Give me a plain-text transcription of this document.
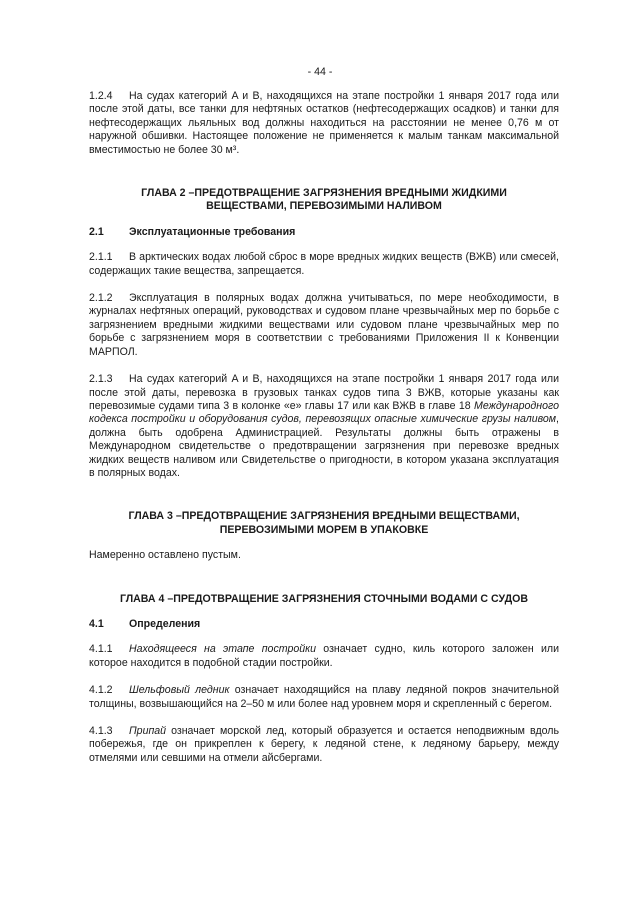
- 44 -

1.2.4 На судах категорий A и B, находящихся на этапе постройки 1 января 2017 года или после этой даты, все танки для нефтяных остатков (нефтесодержащих осадков) и танки для нефтесодержащих льяльных вод должны находиться на расстоянии не менее 0,76 м от наружной обшивки. Настоящее положение не применяется к малым танкам максимальной вместимостью не более 30 м³.

ГЛАВА 2 –ПРЕДОТВРАЩЕНИЕ ЗАГРЯЗНЕНИЯ ВРЕДНЫМИ ЖИДКИМИ
ВЕЩЕСТВАМИ, ПЕРЕВОЗИМЫМИ НАЛИВОМ
2.1 Эксплуатационные требования

2.1.1 В арктических водах любой сброс в море вредных жидких веществ (ВЖВ) или смесей, содержащих такие вещества, запрещается.

2.1.2 Эксплуатация в полярных водах должна учитываться, по мере необходимости, в журналах нефтяных операций, руководствах и судовом плане чрезвычайных мер по борьбе с загрязнением вредными жидкими веществами или судовом плане чрезвычайных мер по борьбе с загрязнением моря в соответствии с требованиями Приложения II к Конвенции МАРПОЛ.

2.1.3 На судах категорий A и B, находящихся на этапе постройки 1 января 2017 года или после этой даты, перевозка в грузовых танках судов типа 3 ВЖВ, которые указаны как перевозимые судами типа 3 в колонке «e» главы 17 или как ВЖВ в главе 18 Международного кодекса постройки и оборудования судов, перевозящих опасные химические грузы наливом, должна быть одобрена Администрацией. Результаты должны быть отражены в Международном свидетельстве о предотвращении загрязнения при перевозке вредных жидких веществ наливом или Свидетельстве о пригодности, в котором указана эксплуатация в полярных водах.

ГЛАВА 3 –ПРЕДОТВРАЩЕНИЕ ЗАГРЯЗНЕНИЯ ВРЕДНЫМИ ВЕЩЕСТВАМИ,
ПЕРЕВОЗИМЫМИ МОРЕМ В УПАКОВКЕ

Намеренно оставлено пустым.

ГЛАВА 4 –ПРЕДОТВРАЩЕНИЕ ЗАГРЯЗНЕНИЯ СТОЧНЫМИ ВОДАМИ С СУДОВ
4.1 Определения

4.1.1 Находящееся на этапе постройки означает судно, киль которого заложен или которое находится в подобной стадии постройки.

4.1.2 Шельфовый ледник означает находящийся на плаву ледяной покров значительной толщины, возвышающийся на 2–50 м или более над уровнем моря и скрепленный с берегом.

4.1.3 Припай означает морской лед, который образуется и остается неподвижным вдоль побережья, где он прикреплен к берегу, к ледяной стене, к ледяному барьеру, между отмелями или севшими на отмели айсбергами.
